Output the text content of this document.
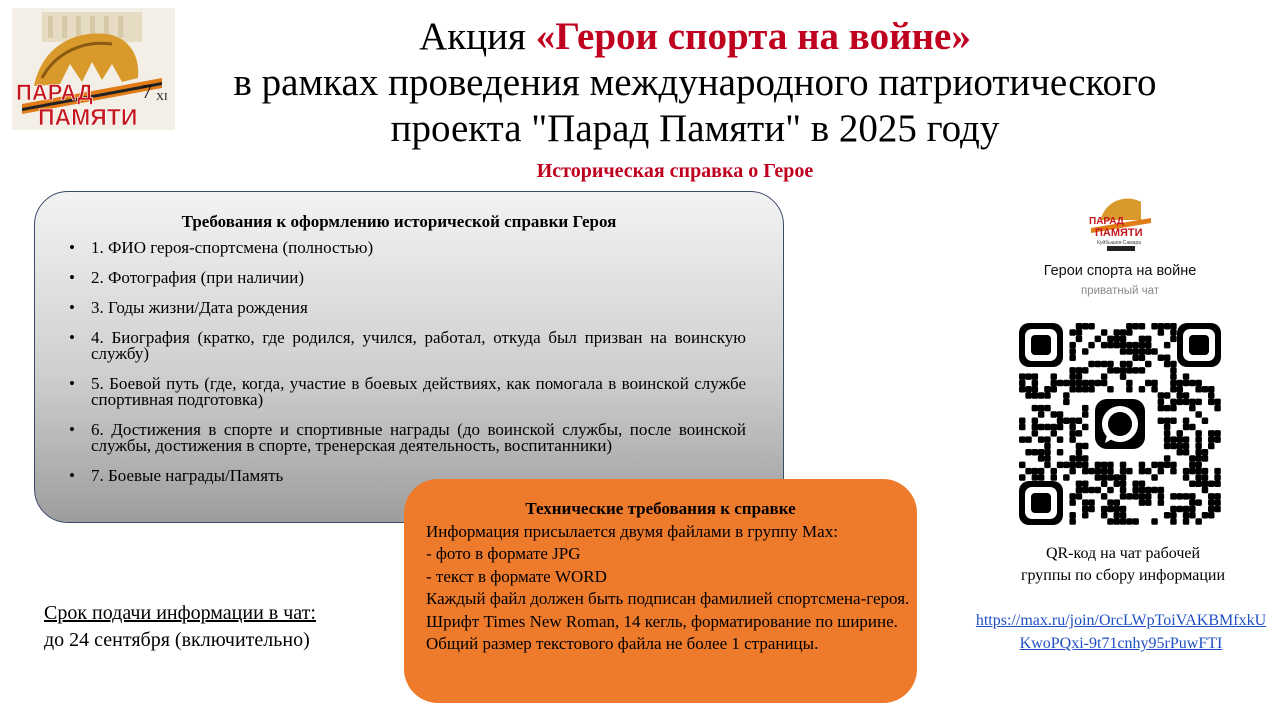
ПАРАД
ПАМЯТИ
7 XI
Акция «Герои спорта на войне»
в рамках проведения международного патриотического
проекта "Парад Памяти" в 2025 году
Историческая справка о Герое
Требования к оформлению исторической справки Героя
• 1. ФИО героя-спортсмена (полностью)
• 2. Фотография (при наличии)
• 3. Годы жизни/Дата рождения
• 4. Биография (кратко, где родился, учился, работал, откуда был призван на воинскую службу)
• 5. Боевой путь (где, когда, участие в боевых действиях, как помогала в воинской службе спортивная подготовка)
• 6. Достижения в спорте и спортивные награды (до воинской службы, после воинской службы, достижения в спорте, тренерская деятельность, воспитанники)
• 7. Боевые награды/Память
Технические требования к справке
Информация присылается двумя файлами в группу Max:
- фото в формате JPG
- текст в формате WORD
Каждый файл должен быть подписан фамилией спортсмена-героя.
Шрифт Times New Roman, 14 кегль, форматирование по ширине.
Общий размер текстового файла не более 1 страницы.
Срок подачи информации в чат:
до 24 сентября (включительно)
ПАРАД
ПАМЯТИ
Куйбышев-Самара
Герои спорта на войне
приватный чат
QR-код на чат рабочей
группы по сбору информации
https://max.ru/join/OrcLWpToiVAKBMfxkUKwoPQxi-9t71cnhy95rPuwFTI
